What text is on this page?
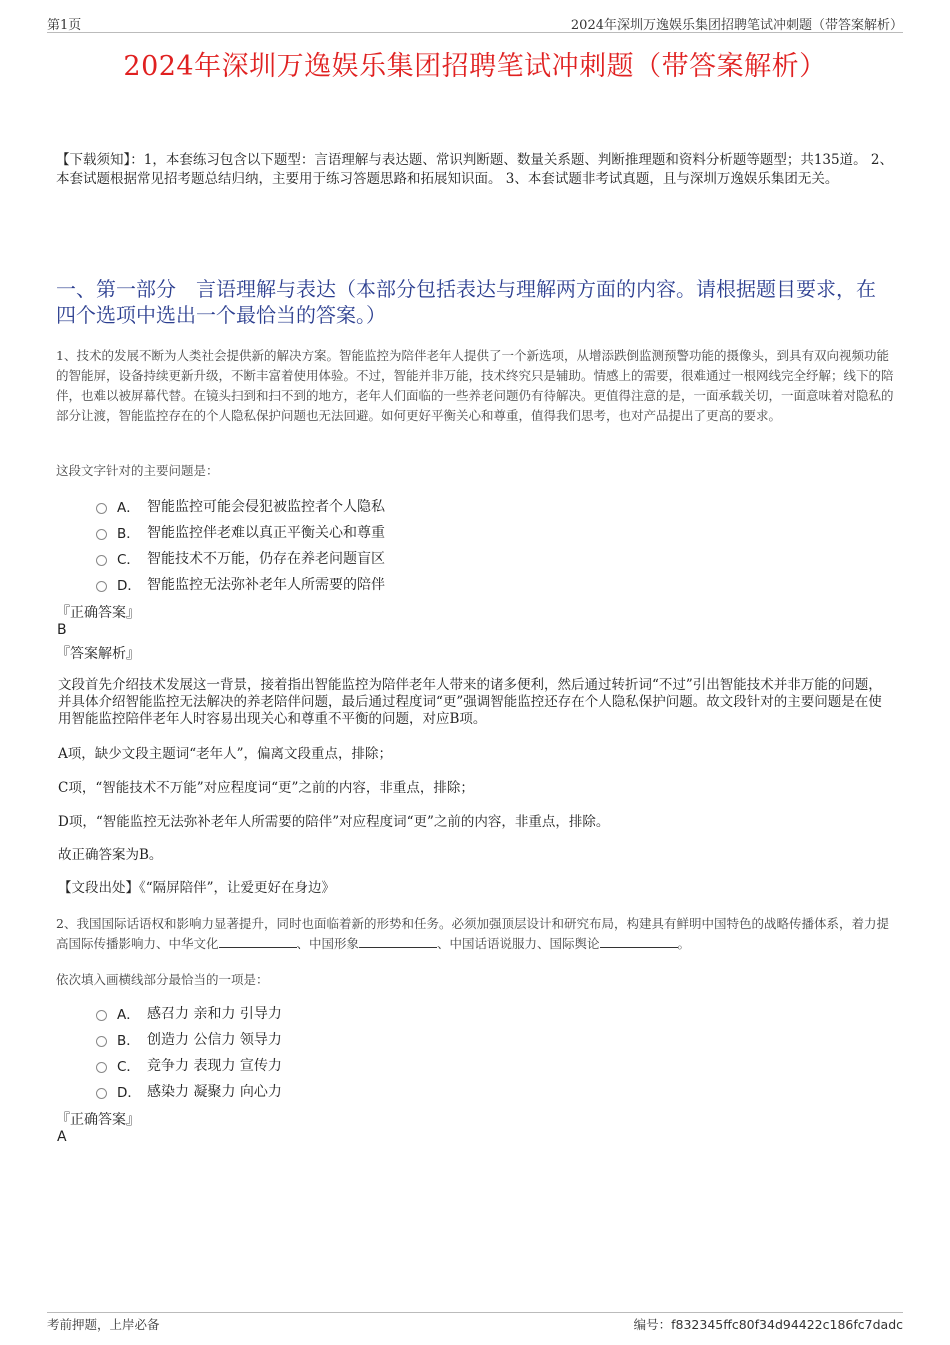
第1页	2024年深圳万逸娱乐集团招聘笔试冲刺题（带答案解析）
2024年深圳万逸娱乐集团招聘笔试冲刺题（带答案解析）
【下载须知】：1，本套练习包含以下题型：言语理解与表达题、常识判断题、数量关系题、判断推理题和资料分析题等题型；共135道。 2、本套试题根据常见招考题总结归纳，主要用于练习答题思路和拓展知识面。 3、本套试题非考试真题，且与深圳万逸娱乐集团无关。
一、第一部分　言语理解与表达（本部分包括表达与理解两方面的内容。请根据题目要求，在四个选项中选出一个最恰当的答案。）
1、技术的发展不断为人类社会提供新的解决方案。智能监控为陪伴老年人提供了一个新选项，从增添跌倒监测预警功能的摄像头，到具有双向视频功能的智能屏，设备持续更新升级，不断丰富着使用体验。不过，智能并非万能，技术终究只是辅助。情感上的需要，很难通过一根网线完全纾解；线下的陪伴，也难以被屏幕代替。在镜头扫到和扫不到的地方，老年人们面临的一些养老问题仍有待解决。更值得注意的是，一面承载关切，一面意味着对隐私的部分让渡，智能监控存在的个人隐私保护问题也无法回避。如何更好平衡关心和尊重，值得我们思考，也对产品提出了更高的要求。
这段文字针对的主要问题是：
A． 智能监控可能会侵犯被监控者个人隐私
B． 智能监控伴老难以真正平衡关心和尊重
C． 智能技术不万能，仍存在养老问题盲区
D． 智能监控无法弥补老年人所需要的陪伴
『正确答案』
B
『答案解析』
文段首先介绍技术发展这一背景，接着指出智能监控为陪伴老年人带来的诸多便利，然后通过转折词“不过”引出智能技术并非万能的问题，并具体介绍智能监控无法解决的养老陪伴问题，最后通过程度词“更”强调智能监控还存在个人隐私保护问题。故文段针对的主要问题是在使用智能监控陪伴老年人时容易出现关心和尊重不平衡的问题，对应B项。
A项，缺少文段主题词“老年人”，偏离文段重点，排除；
C项，“智能技术不万能”对应程度词“更”之前的内容，非重点，排除；
D项，“智能监控无法弥补老年人所需要的陪伴”对应程度词“更”之前的内容，非重点，排除。
故正确答案为B。
【文段出处】《“隔屏陪伴”，让爱更好在身边》
2、我国国际话语权和影响力显著提升，同时也面临着新的形势和任务。必须加强顶层设计和研究布局，构建具有鲜明中国特色的战略传播体系，着力提高国际传播影响力、中华文化	、中国形象	、中国话语说服力、国际舆论	。
依次填入画横线部分最恰当的一项是：
A． 感召力 亲和力 引导力
B． 创造力 公信力 领导力
C． 竞争力 表现力 宣传力
D． 感染力 凝聚力 向心力
『正确答案』
A
考前押题，上岸必备	编号：f832345ffc80f34d94422c186fc7dadc
